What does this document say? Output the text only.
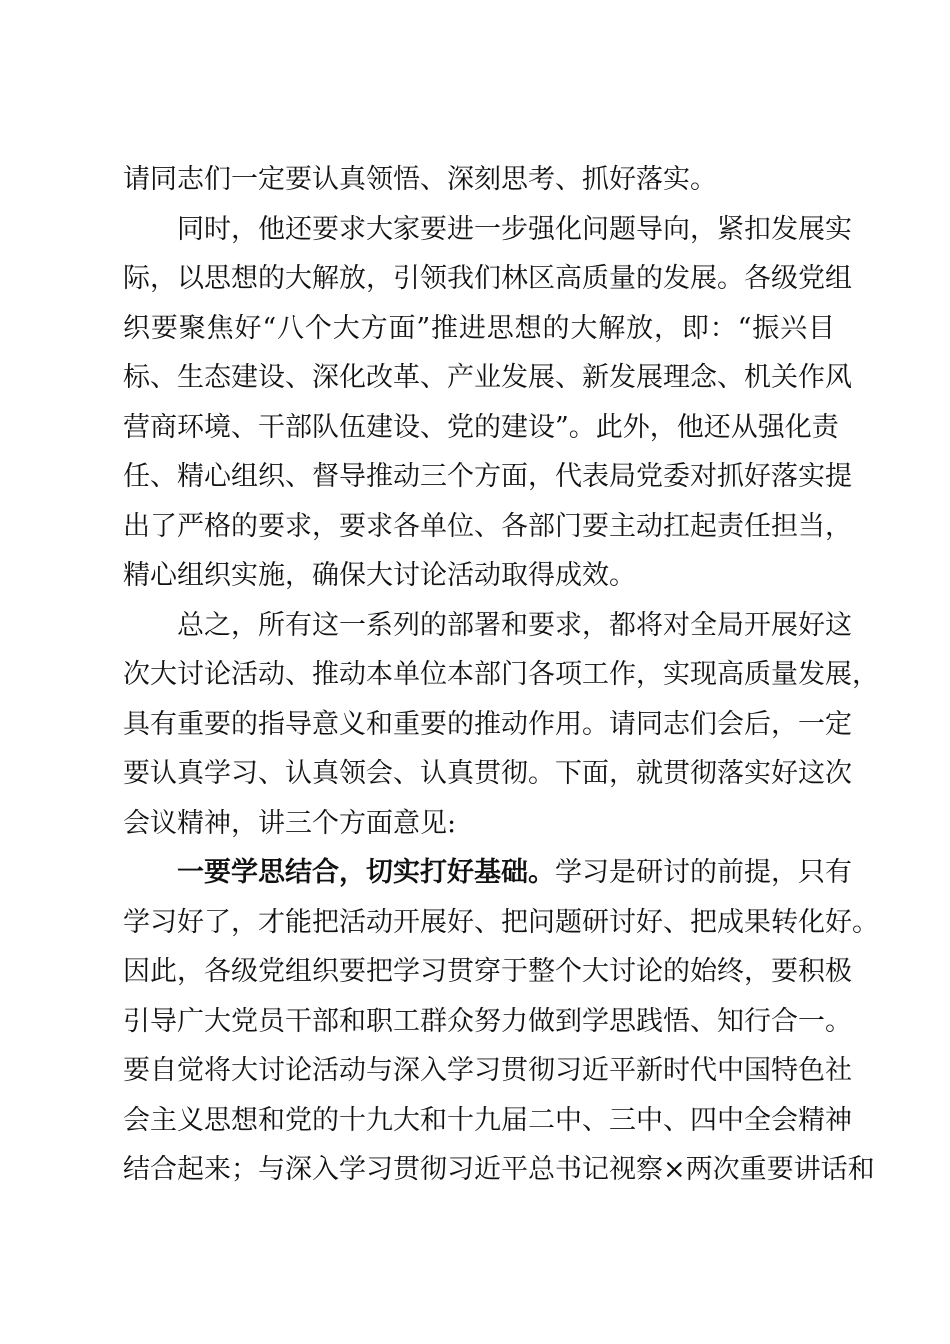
请同志们一定要认真领悟、深刻思考、抓好落实。
同时，他还要求大家要进一步强化问题导向，紧扣发展实
际，以思想的大解放，引领我们林区高质量的发展。各级党组
织要聚焦好“八个大方面”推进思想的大解放，即：“振兴目
标、生态建设、深化改革、产业发展、新发展理念、机关作风
营商环境、干部队伍建设、党的建设”。此外，他还从强化责
任、精心组织、督导推动三个方面，代表局党委对抓好落实提
出了严格的要求，要求各单位、各部门要主动扛起责任担当，
精心组织实施，确保大讨论活动取得成效。
总之，所有这一系列的部署和要求，都将对全局开展好这
次大讨论活动、推动本单位本部门各项工作，实现高质量发展，
具有重要的指导意义和重要的推动作用。请同志们会后，一定
要认真学习、认真领会、认真贯彻。下面，就贯彻落实好这次
会议精神，讲三个方面意见:
一要学思结合，切实打好基础。学习是研讨的前提，只有
学习好了，才能把活动开展好、把问题研讨好、把成果转化好。
因此，各级党组织要把学习贯穿于整个大讨论的始终，要积极
引导广大党员干部和职工群众努力做到学思践悟、知行合一。
要自觉将大讨论活动与深入学习贯彻习近平新时代中国特色社
会主义思想和党的十九大和十九届二中、三中、四中全会精神
结合起来；与深入学习贯彻习近平总书记视察×两次重要讲话和
